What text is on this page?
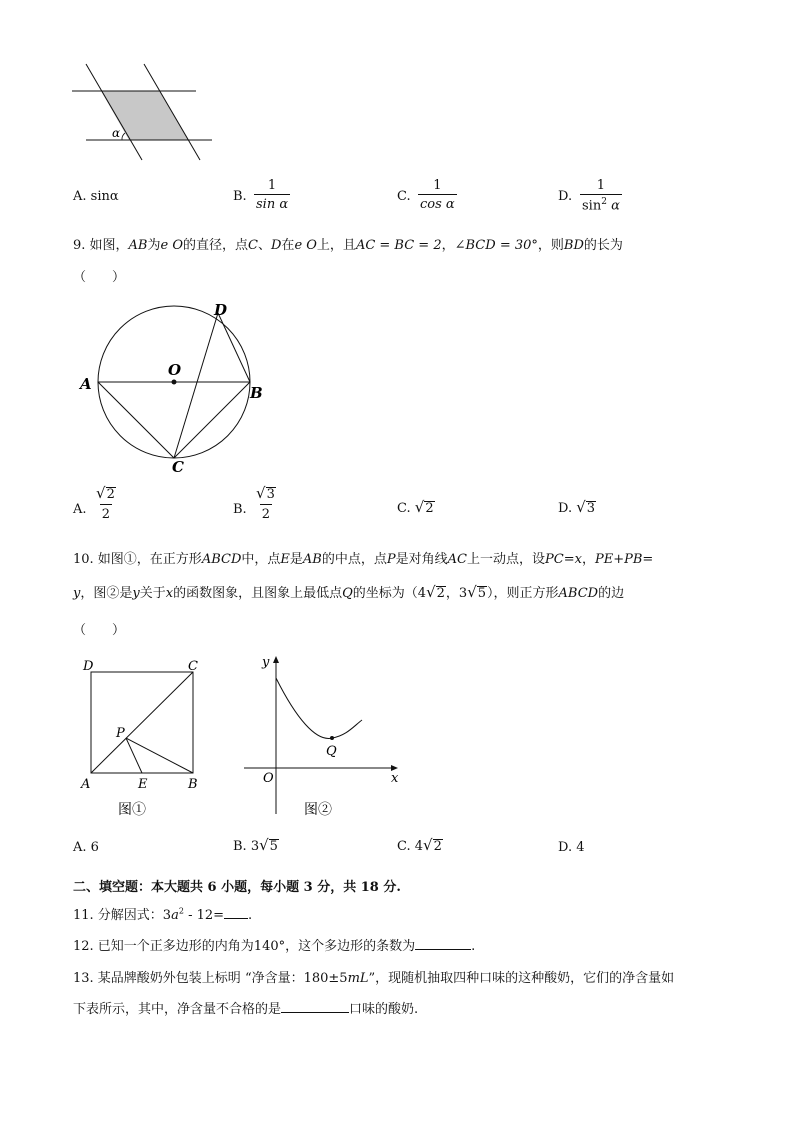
α
A. sinα	B. $\frac{1}{\text{sin α}}$	C. $\frac{1}{\text{cos α}}$	D. $\frac{1}{\sin^2 \alpha}$
9. 如图，AB为e O的直径，点C、D在e O上，且AC = BC = 2，∠BCD = 30°，则BD的长为
（　　）
A	B
C
D
O
A. $\frac{√ 2}{2}$	B. $\frac{√ 3}{2}$	C. √ 2	D. √ 3
10. 如图①，在正方形ABCD中，点E是AB的中点，点P是对角线AC上一动点，设PC=x，PE+PB=
y，图②是y关于x的函数图象，且图象上最低点Q的坐标为（4 √ 2 ，3 √ 5 ），则正方形ABCD的边
（　　）
D	C
A	B
E
P
图①
y
x
O
Q
图②
A. 6	B. 3 √ 5	C. 4 √ 2	D. 4
二、填空题：本大题共 6 小题，每小题 3 分，共 18 分.
11. 分解因式：$3a^2 - 12=$ .
12. 已知一个正多边形的内角为140°，这个多边形的条数为	.
13. 某品牌酸奶外包装上标明 “净含量：180±5mL”，现随机抽取四种口味的这种酸奶，它们的净含量如
下表所示，其中，净含量不合格的是	口味的酸奶.
